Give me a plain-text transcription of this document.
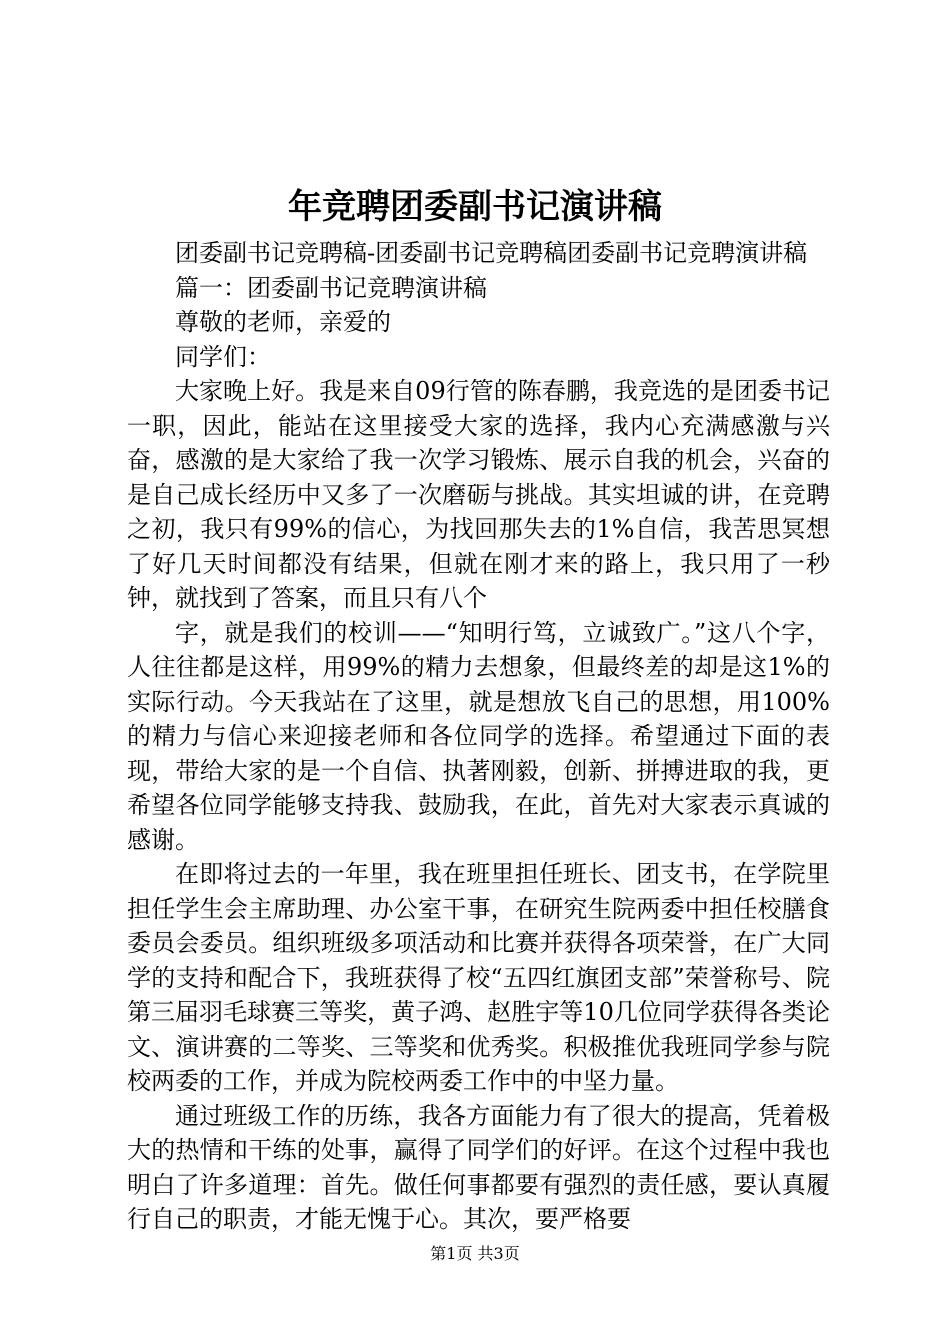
年竞聘团委副书记演讲稿

团委副书记竞聘稿-团委副书记竞聘稿团委副书记竞聘演讲稿

篇一：团委副书记竞聘演讲稿

尊敬的老师，亲爱的

同学们：

大家晚上好。我是来自09行管的陈春鹏，我竞选的是团委书记一职，因此，能站在这里接受大家的选择，我内心充满感激与兴奋，感激的是大家给了我一次学习锻炼、展示自我的机会，兴奋的是自己成长经历中又多了一次磨砺与挑战。其实坦诚的讲，在竞聘之初，我只有99%的信心，为找回那失去的1%自信，我苦思冥想了好几天时间都没有结果，但就在刚才来的路上，我只用了一秒钟，就找到了答案，而且只有八个

字，就是我们的校训——“知明行笃，立诚致广。”这八个字，人往往都是这样，用99%的精力去想象，但最终差的却是这1%的实际行动。今天我站在了这里，就是想放飞自己的思想，用100%的精力与信心来迎接老师和各位同学的选择。希望通过下面的表现，带给大家的是一个自信、执著刚毅，创新、拼搏进取的我，更希望各位同学能够支持我、鼓励我，在此，首先对大家表示真诚的感谢。

在即将过去的一年里，我在班里担任班长、团支书，在学院里担任学生会主席助理、办公室干事，在研究生院两委中担任校膳食委员会委员。组织班级多项活动和比赛并获得各项荣誉，在广大同学的支持和配合下，我班获得了校“五四红旗团支部”荣誉称号、院第三届羽毛球赛三等奖，黄子鸿、赵胜宇等10几位同学获得各类论文、演讲赛的二等奖、三等奖和优秀奖。积极推优我班同学参与院校两委的工作，并成为院校两委工作中的中坚力量。

通过班级工作的历练，我各方面能力有了很大的提高，凭着极大的热情和干练的处事，赢得了同学们的好评。在这个过程中我也明白了许多道理：首先。做任何事都要有强烈的责任感，要认真履行自己的职责，才能无愧于心。其次，要严格要

第1页 共3页
